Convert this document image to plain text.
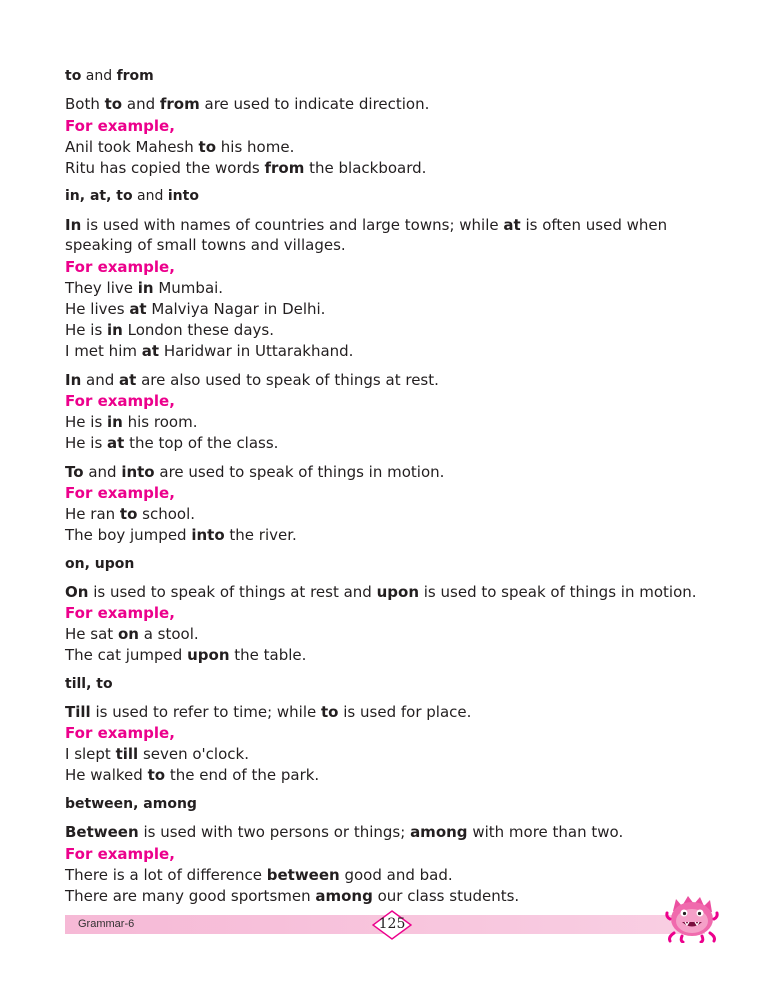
to and from

Both to and from are used to indicate direction.

For example,

Anil took Mahesh to his home.

Ritu has copied the words from the blackboard.

in, at, to and into

In is used with names of countries and large towns; while at is often used when speaking of small towns and villages.

For example,

They live in Mumbai.

He lives at Malviya Nagar in Delhi.

He is in London these days.

I met him at Haridwar in Uttarakhand.

In and at are also used to speak of things at rest.

For example,

He is in his room.

He is at the top of the class.

To and into are used to speak of things in motion.

For example,

He ran to school.

The boy jumped into the river.

on, upon

On is used to speak of things at rest and upon is used to speak of things in motion.

For example,

He sat on a stool.

The cat jumped upon the table.

till, to

Till is used to refer to time; while to is used for place.

For example,

I slept till seven o'clock.

He walked to the end of the park.

between, among

Between is used with two persons or things; among with more than two.

For example,

There is a lot of difference between good and bad.

There are many good sportsmen among our class students.

Grammar-6	125
